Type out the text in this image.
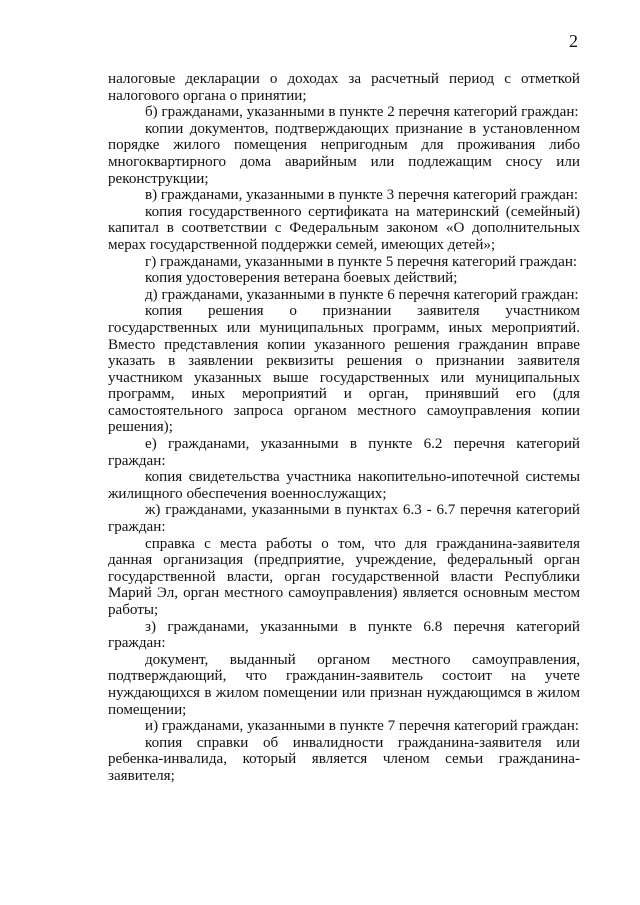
2

налоговые декларации о доходах за расчетный период с отметкой налогового органа о принятии;

б) гражданами, указанными в пункте 2 перечня категорий граждан:

копии документов, подтверждающих признание в установленном порядке жилого помещения непригодным для проживания либо многоквартирного дома аварийным или подлежащим сносу или реконструкции;

в) гражданами, указанными в пункте 3 перечня категорий граждан:

копия государственного сертификата на материнский (семейный) капитал в соответствии с Федеральным законом «О дополнительных мерах государственной поддержки семей, имеющих детей»;

г) гражданами, указанными в пункте 5 перечня категорий граждан:

копия удостоверения ветерана боевых действий;

д) гражданами, указанными в пункте 6 перечня категорий граждан:

копия решения о признании заявителя участником государственных или муниципальных программ, иных мероприятий. Вместо представления копии указанного решения гражданин вправе указать в заявлении реквизиты решения о признании заявителя участником указанных выше государственных или муниципальных программ, иных мероприятий и орган, принявший его (для самостоятельного запроса органом местного самоуправления копии решения);

е) гражданами, указанными в пункте 6.2 перечня категорий граждан:

копия свидетельства участника накопительно-ипотечной системы жилищного обеспечения военнослужащих;

ж) гражданами, указанными в пунктах 6.3 - 6.7 перечня категорий граждан:

справка с места работы о том, что для гражданина-заявителя данная организация (предприятие, учреждение, федеральный орган государственной власти, орган государственной власти Республики Марий Эл, орган местного самоуправления) является основным местом работы;

з) гражданами, указанными в пункте 6.8 перечня категорий граждан:

документ, выданный органом местного самоуправления, подтверждающий, что гражданин-заявитель состоит на учете нуждающихся в жилом помещении или признан нуждающимся в жилом помещении;

и) гражданами, указанными в пункте 7 перечня категорий граждан:

копия справки об инвалидности гражданина-заявителя или ребенка-инвалида, который является членом семьи гражданина-заявителя;
